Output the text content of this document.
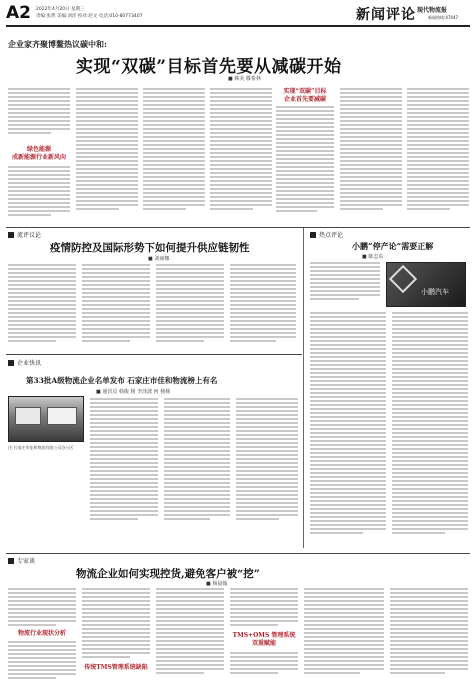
A2 2022年4月20日 星期三
责编:张然 美编:刘洋 校对:赵文 电话:010-80773407	新闻评论 现代物流报
新闻热线:47447
企业家齐聚博鳌热议碳中和:
实现“双碳”目标首先要从减碳开始
■ 韩美 滕希林
绿色能源
成新能源行业新风向
实现“双碳”目标
企业首先要减碳
流评议论
疫情防控及国际形势下如何提升供应链韧性
■ 刘丽娜
热点评论
小鹏“停产论”需要正解
■ 陈志东
小鹏汽车
企业快讯
第33批A级物流企业名单发布 石家庄市佳和物流榜上有名
■ 通讯员 韩俊 杨 李泽波 何 杨杨
注:石家庄市佳和物流有限公司办公区
专家谈
物流企业如何实现控货,避免客户被“挖”
■ 杨晨翰
物流行业现状分析
传统TMS管理系统缺陷
TMS+OMS 管理系统
双重赋能
